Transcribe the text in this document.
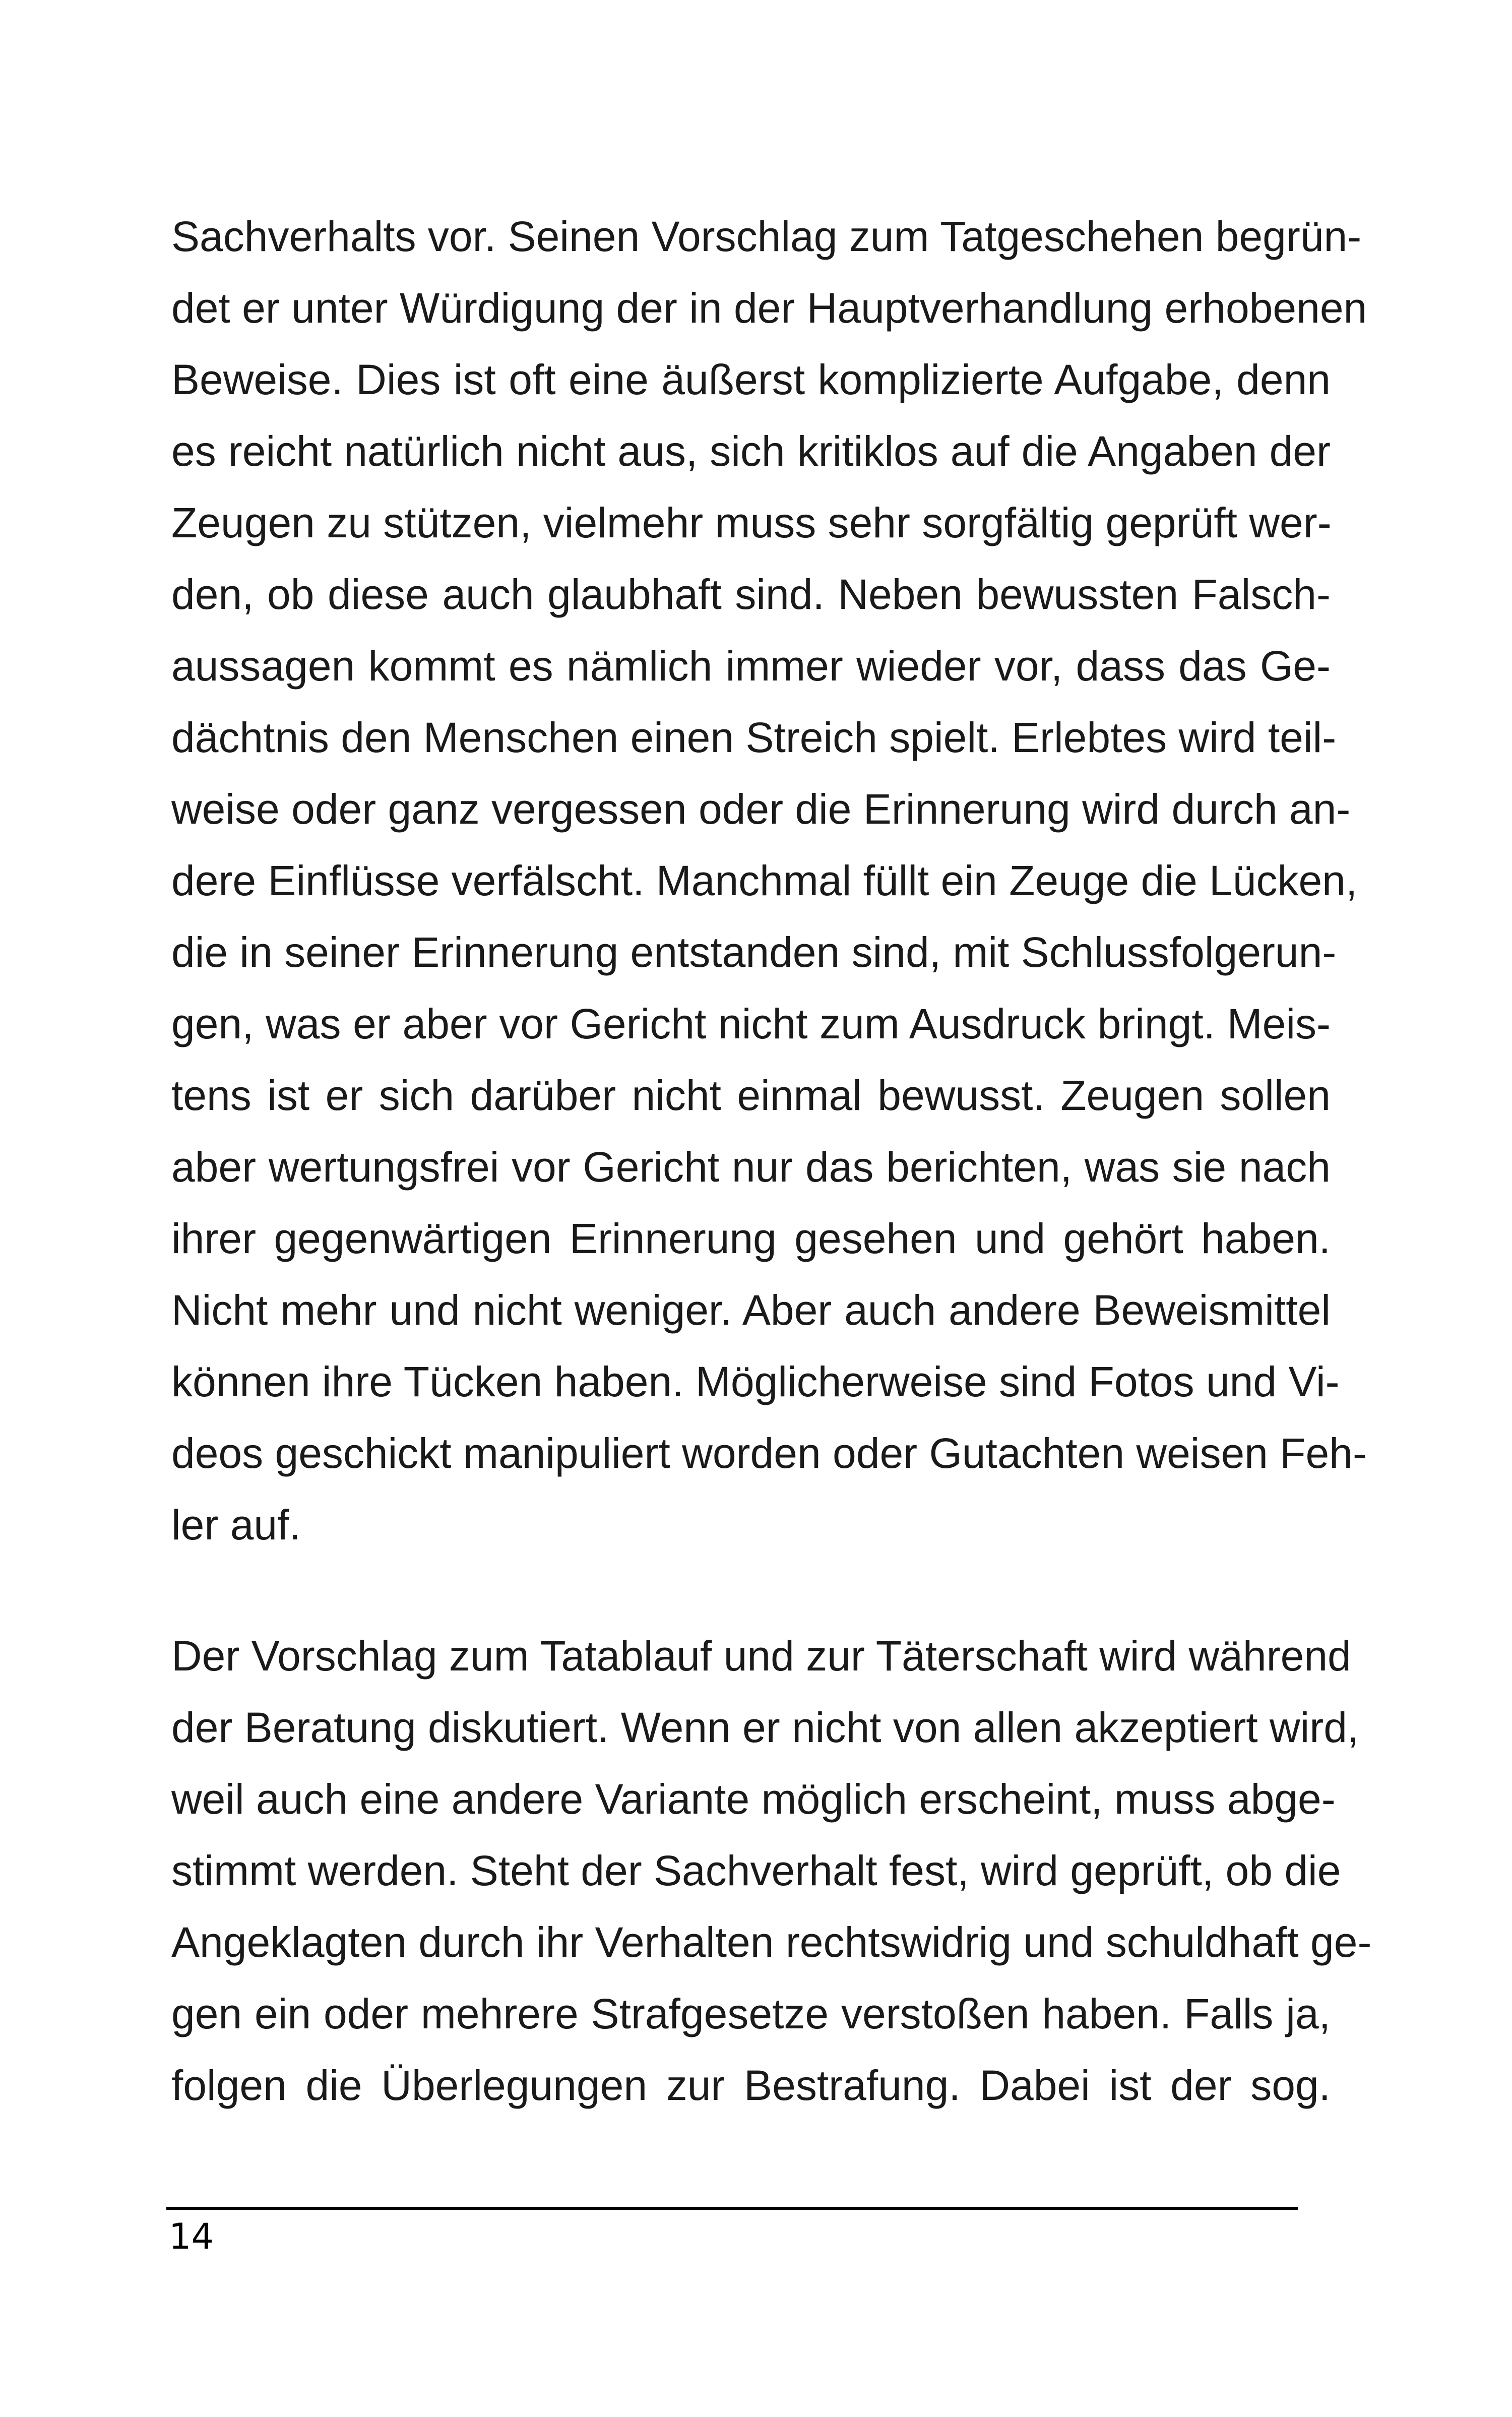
Sachverhalts vor. Seinen Vorschlag zum Tatgeschehen begrün-
det er unter Würdigung der in der Hauptverhandlung erhobenen
Beweise. Dies ist oft eine äußerst komplizierte Aufgabe, denn
es reicht natürlich nicht aus, sich kritiklos auf die Angaben der
Zeugen zu stützen, vielmehr muss sehr sorgfältig geprüft wer-
den, ob diese auch glaubhaft sind. Neben bewussten Falsch-
aussagen kommt es nämlich immer wieder vor, dass das Ge-
dächtnis den Menschen einen Streich spielt. Erlebtes wird teil-
weise oder ganz vergessen oder die Erinnerung wird durch an-
dere Einflüsse verfälscht. Manchmal füllt ein Zeuge die Lücken,
die in seiner Erinnerung entstanden sind, mit Schlussfolgerun-
gen, was er aber vor Gericht nicht zum Ausdruck bringt. Meis-
tens ist er sich darüber nicht einmal bewusst. Zeugen sollen
aber wertungsfrei vor Gericht nur das berichten, was sie nach
ihrer gegenwärtigen Erinnerung gesehen und gehört haben.
Nicht mehr und nicht weniger. Aber auch andere Beweismittel
können ihre Tücken haben. Möglicherweise sind Fotos und Vi-
deos geschickt manipuliert worden oder Gutachten weisen Feh-
ler auf.
Der Vorschlag zum Tatablauf und zur Täterschaft wird während
der Beratung diskutiert. Wenn er nicht von allen akzeptiert wird,
weil auch eine andere Variante möglich erscheint, muss abge-
stimmt werden. Steht der Sachverhalt fest, wird geprüft, ob die
Angeklagten durch ihr Verhalten rechtswidrig und schuldhaft ge-
gen ein oder mehrere Strafgesetze verstoßen haben. Falls ja,
folgen die Überlegungen zur Bestrafung. Dabei ist der sog.
14
